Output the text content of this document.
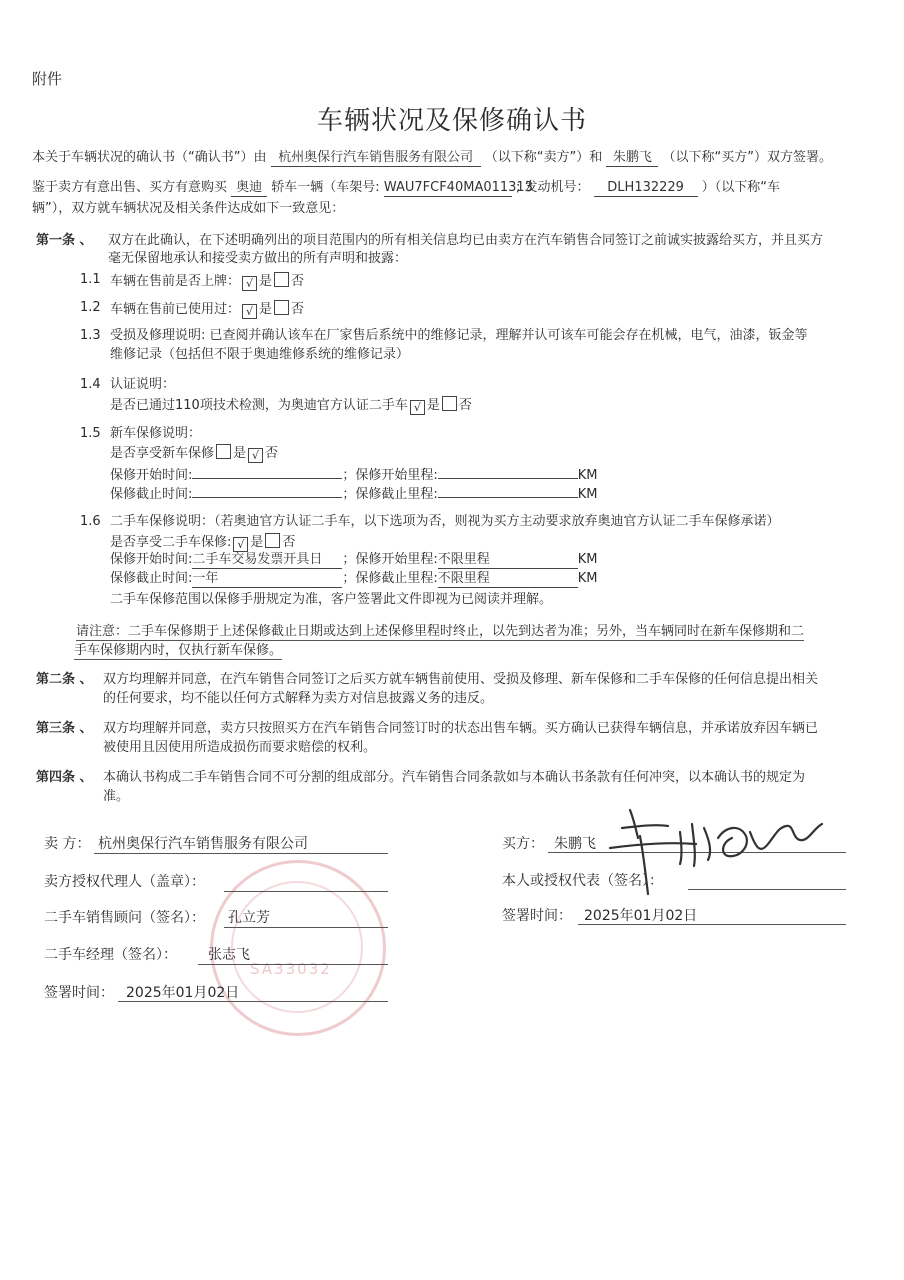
附件
车辆状况及保修确认书
本关于车辆状况的确认书（“确认书”）由 杭州奥保行汽车销售服务有限公司 （以下称“卖方”）和 朱鹏飞 （以下称“买方”）双方签署。
鉴于卖方有意出售、买方有意购买 奥迪 轿车一辆（车架号: WAU7FCF40MA011313 ; 发动机号： DLH132229 ）（以下称“车
辆”），双方就车辆状况及相关条件达成如下一致意见：
第一条 、 双方在此确认，在下述明确列出的项目范围内的所有相关信息均已由卖方在汽车销售合同签订之前诚实披露给买方，并且买方
毫无保留地承认和接受卖方做出的所有声明和披露：
1.1 车辆在售前是否上牌： √ 是 否
1.2 车辆在售前已使用过： √ 是 否
1.3 受损及修理说明: 已查阅并确认该车在厂家售后系统中的维修记录，理解并认可该车可能会存在机械，电气，油漆，钣金等
维修记录（包括但不限于奥迪维修系统的维修记录）
1.4 认证说明：
是否已通过110项技术检测，为奥迪官方认证二手车 √ 是 否
1.5 新车保修说明：
是否享受新车保修 是 √ 否
保修开始时间:	；保修开始里程:	KM
保修截止时间:	；保修截止里程:	KM
1.6 二手车保修说明：（若奥迪官方认证二手车，以下选项为否，则视为买方主动要求放弃奥迪官方认证二手车保修承诺）
是否享受二手车保修: √ 是 否
保修开始时间:二手车交易发票开具日 ；保修开始里程:不限里程	KM
保修截止时间:一年	；保修截止里程:不限里程	KM
二手车保修范围以保修手册规定为准，客户签署此文件即视为已阅读并理解。
请注意：二手车保修期于上述保修截止日期或达到上述保修里程时终止，以先到达者为准；另外，当车辆同时在新车保修期和二
手车保修期内时，仅执行新车保修。
第二条 、 双方均理解并同意，在汽车销售合同签订之后买方就车辆售前使用、受损及修理、新车保修和二手车保修的任何信息提出相关
的任何要求，均不能以任何方式解释为卖方对信息披露义务的违反。
第三条 、 双方均理解并同意，卖方只按照买方在汽车销售合同签订时的状态出售车辆。买方确认已获得车辆信息，并承诺放弃因车辆已
被使用且因使用所造成损伤而要求赔偿的权利。
第四条 、 本确认书构成二手车销售合同不可分割的组成部分。汽车销售合同条款如与本确认书条款有任何冲突，以本确认书的规定为
准。
SA33032
卖 方： 杭州奥保行汽车销售服务有限公司
卖方授权代理人（盖章）：
二手车销售顾问（签名）： 孔立芳
二手车经理（签名）： 张志飞
签署时间： 2025年01月02日
买方： 朱鹏飞
本人或授权代表（签名）：
签署时间： 2025年01月02日
